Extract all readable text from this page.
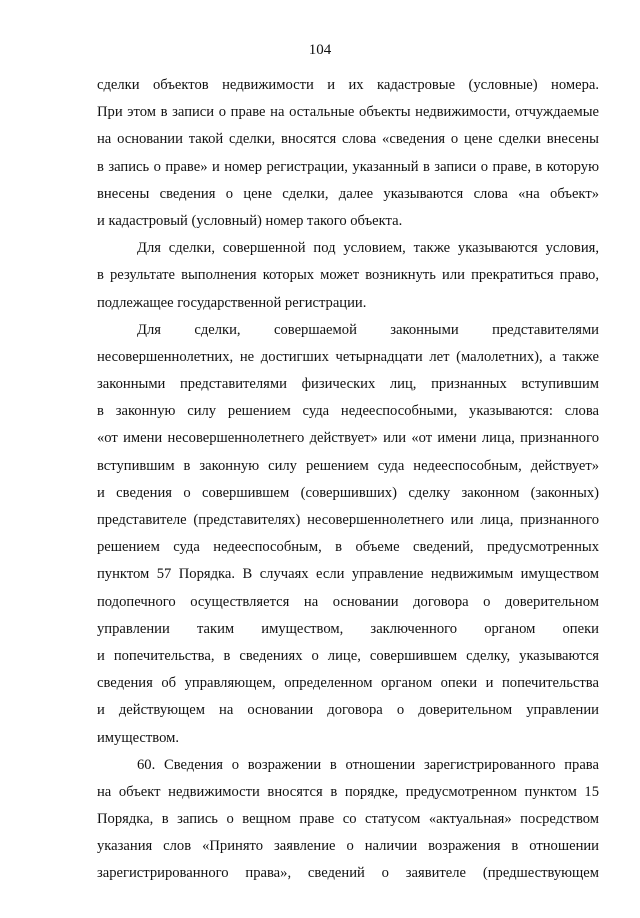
104
сделки объектов недвижимости и их кадастровые (условные) номера.
При этом в записи о праве на остальные объекты недвижимости, отчуждаемые
на основании такой сделки, вносятся слова «сведения о цене сделки внесены
в запись о праве» и номер регистрации, указанный в записи о праве, в которую
внесены сведения о цене сделки, далее указываются слова «на объект»
и кадастровый (условный) номер такого объекта.
Для сделки, совершенной под условием, также указываются условия,
в результате выполнения которых может возникнуть или прекратиться право,
подлежащее государственной регистрации.
Для сделки, совершаемой законными представителями
несовершеннолетних, не достигших четырнадцати лет (малолетних), а также
законными представителями физических лиц, признанных вступившим
в законную силу решением суда недееспособными, указываются: слова
«от имени несовершеннолетнего действует» или «от имени лица, признанного
вступившим в законную силу решением суда недееспособным, действует»
и сведения о совершившем (совершивших) сделку законном (законных)
представителе (представителях) несовершеннолетнего или лица, признанного
решением суда недееспособным, в объеме сведений, предусмотренных
пунктом 57 Порядка. В случаях если управление недвижимым имуществом
подопечного осуществляется на основании договора о доверительном
управлении таким имуществом, заключенного органом опеки
и попечительства, в сведениях о лице, совершившем сделку, указываются
сведения об управляющем, определенном органом опеки и попечительства
и действующем на основании договора о доверительном управлении
имуществом.
60. Сведения о возражении в отношении зарегистрированного права
на объект недвижимости вносятся в порядке, предусмотренном пунктом 15
Порядка, в запись о вещном праве со статусом «актуальная» посредством
указания слов «Принято заявление о наличии возражения в отношении
зарегистрированного права», сведений о заявителе (предшествующем
